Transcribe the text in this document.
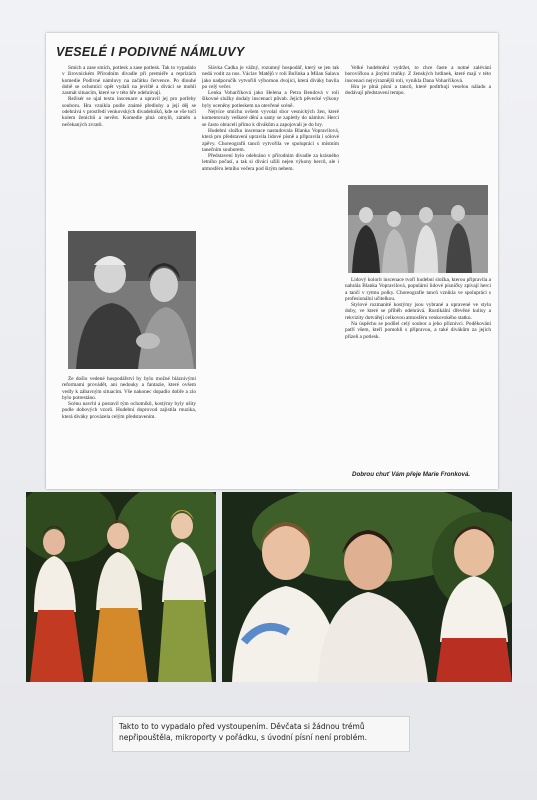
VESELÉ I PODIVNÉ NÁMLUVY

Smích a zase smích, potlesk a zase potlesk. Tak to vypadalo v žirovnickém Přírodním divadle při premiéře a reprízách komedie Podivné námluvy na začátku července. Po dlouhé době se ochotníci opět vydali na jeviště a diváci se mohli zasmát situacím, které se v této hře odehrávají.

Režisér se ujal textu inscenace a upravil jej pro potřeby souboru. Hra vznikla podle známé předlohy a její děj se odehrává v prostředí venkovských divadelníků, kde se vše točí kolem ženichů a nevěst. Komedie plná omylů, záměn a nečekaných zvratů.

Že došlo vedené hospodářství by bylo možné bláznivými reformami provádět, ani nedouky a fantazie, které ovšem vedly k zábavným situacím. Vše nakonec dopadlo dobře a zlo bylo potrestáno.

Scénu navrhl a postavil tým ochotníků, kostýmy byly ušity podle dobových vzorů. Hudební doprovod zajistila muzika, která diváky provázela celým představením.

Slávka Čadka je vážný, rozumný hospodář, který se jen tak nedá vodit za nos. Václav Matějů v roli Buřinka a Milan Salava jako nadporučík vytvořili výbornou dvojici, která diváky bavila po celý večer.

Lenka Voharčíková jako Helena a Petra Bendová v roli šikovné služky dodaly inscenaci půvab. Jejich pěvecké výkony byly oceněny potleskem na otevřené scéně.

Nejvíce smíchu ovšem vyvolal sbor vesnických žen, které komentovaly veškeré dění a samy se zapletly do námluv. Herci se často obraceli přímo k divákům a zapojovali je do hry.

Hudební složku inscenace nastudovala Blanka Vopravilová, která pro představení upravila lidové písně a připravila i sólové zpěvy. Choreografii tanců vytvořila ve spolupráci s místním tanečním souborem.

Představení bylo odehráno v přírodním divadle za krásného letního počasí, a tak si diváci užili nejen výkony herců, ale i atmosféru letního večera pod širým nebem.

Velké hudebnění vydržet, to chce časte a notné zalévání borovičkou a jinými truňky. Z ženských hrdinek, které mají v této inscenaci nejvýraznější roli, vynikla Dana Voharčíková.

Hra je plná písní a tanců, které podtrhují veselou náladu a dodávají představení tempo.

Lidový kolorit inscenace tvoří hudební složka, kterou připravila a nahrála Blanka Vopravilová, populární lidové písničky zpívají herci a tančí v rytmu polky. Choreografie tanců vznikla ve spolupráci s profesionální učitelkou.

Stylové rozmanité kostýmy jsou vybrané a upravené ve stylu doby, ve které se příběh odehrává. Rustikální dřevěné kulisy a rekvizity dotvářejí celkovou atmosféru venkovského statku.

Na úspěchu se podílel celý soubor a jeho příznivci. Poděkování patří všem, kteří pomohli s přípravou, a také divákům za jejich přízeň a potlesk.

Dobrou chuť Vám přeje Marie Fronková.
Takto to to vypadalo před vystoupením. Děvčata si žádnou trémů nepřipouštěla, mikroporty v pořádku, s úvodní písní není problém.
